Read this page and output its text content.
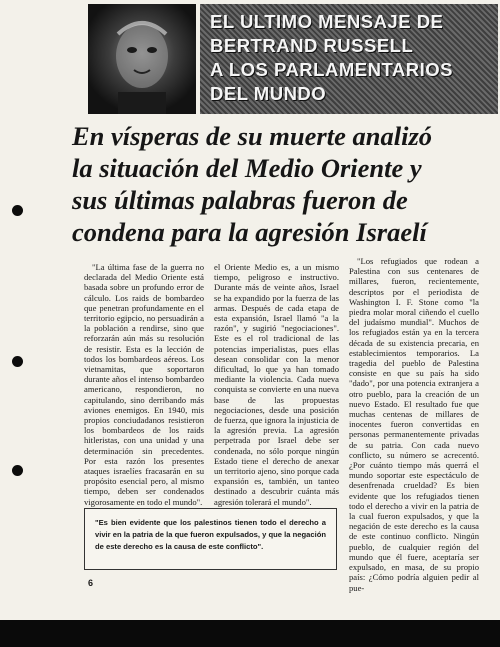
EL ULTIMO MENSAJE DE
BERTRAND RUSSELL
A LOS PARLAMENTARIOS
DEL MUNDO
En vísperas de su muerte analizó
la situación del Medio Oriente y
sus últimas palabras fueron de
condena para la agresión Israelí

"La última fase de la guerra no declarada del Medio Oriente está basada sobre un profundo error de cálculo. Los raids de bombardeo que penetran profundamente en el territorio egipcio, no persuadirán a la población a rendirse, sino que reforzarán aún más su resolución de resistir. Esta es la lección de todos los bombardeos aéreos. Los vietnamitas, que soportaron durante años el intenso bombardeo americano, respondieron, no capitulando, sino derribando más aviones enemigos. En 1940, mis propios conciudadanos resistieron los bombardeos de los raids hitleristas, con una unidad y una determinación sin precedentes. Por esta razón los presentes ataques israelíes fracasarán en su propósito esencial pero, al mismo tiempo, deben ser condenados vigorosamente en todo el mundo".

el Oriente Medio es, a un mismo tiempo, peligroso e instructivo. Durante más de veinte años, Israel se ha expandido por la fuerza de las armas. Después de cada etapa de esta expansión, Israel llamó "a la razón", y sugirió "negociaciones". Este es el rol tradicional de las potencias imperialistas, pues ellas desean consolidar con la menor dificultad, lo que ya han tomado mediante la violencia. Cada nueva conquista se convierte en una nueva base de las propuestas negociaciones, desde una posición de fuerza, que ignora la injusticia de la agresión previa. La agresión perpetrada por Israel debe ser condenada, no sólo porque ningún Estado tiene el derecho de anexar un territorio ajeno, sino porque cada expansión es, también, un tanteo destinado a descubrir cuánta más agresión tolerará el mundo".

"Los refugiados que rodean a Palestina con sus centenares de millares, fueron, recientemente, descriptos por el periodista de Washington I. F. Stone como "la piedra molar moral ciñendo el cuello del judaísmo mundial". Muchos de los refugiados están ya en la tercera década de su existencia precaria, en establecimientos temporarios. La tragedia del pueblo de Palestina consiste en que su país ha sido "dado", por una potencia extranjera a otro pueblo, para la creación de un nuevo Estado. El resultado fue que muchas centenas de millares de inocentes fueron convertidas en personas permanentemente privadas de su patria. Con cada nuevo conflicto, su número se acrecentó. ¿Por cuánto tiempo más querrá el mundo soportar este espectáculo de desenfrenada crueldad? Es bien evidente que los refugiados tienen todo el derecho a vivir en la patria de la cual fueron expulsados, y que la negación de este derecho es la causa de este continuo conflicto. Ningún pueblo, de cualquier región del mundo que él fuere, aceptaría ser expulsado, en masa, de su propio país: ¿Cómo podría alguien pedir al pue-

"Es bien evidente que los palestinos tienen todo el derecho a vivir en la patria de la que fueron expulsados, y que la negación de este derecho es la causa de este conflicto".
6
